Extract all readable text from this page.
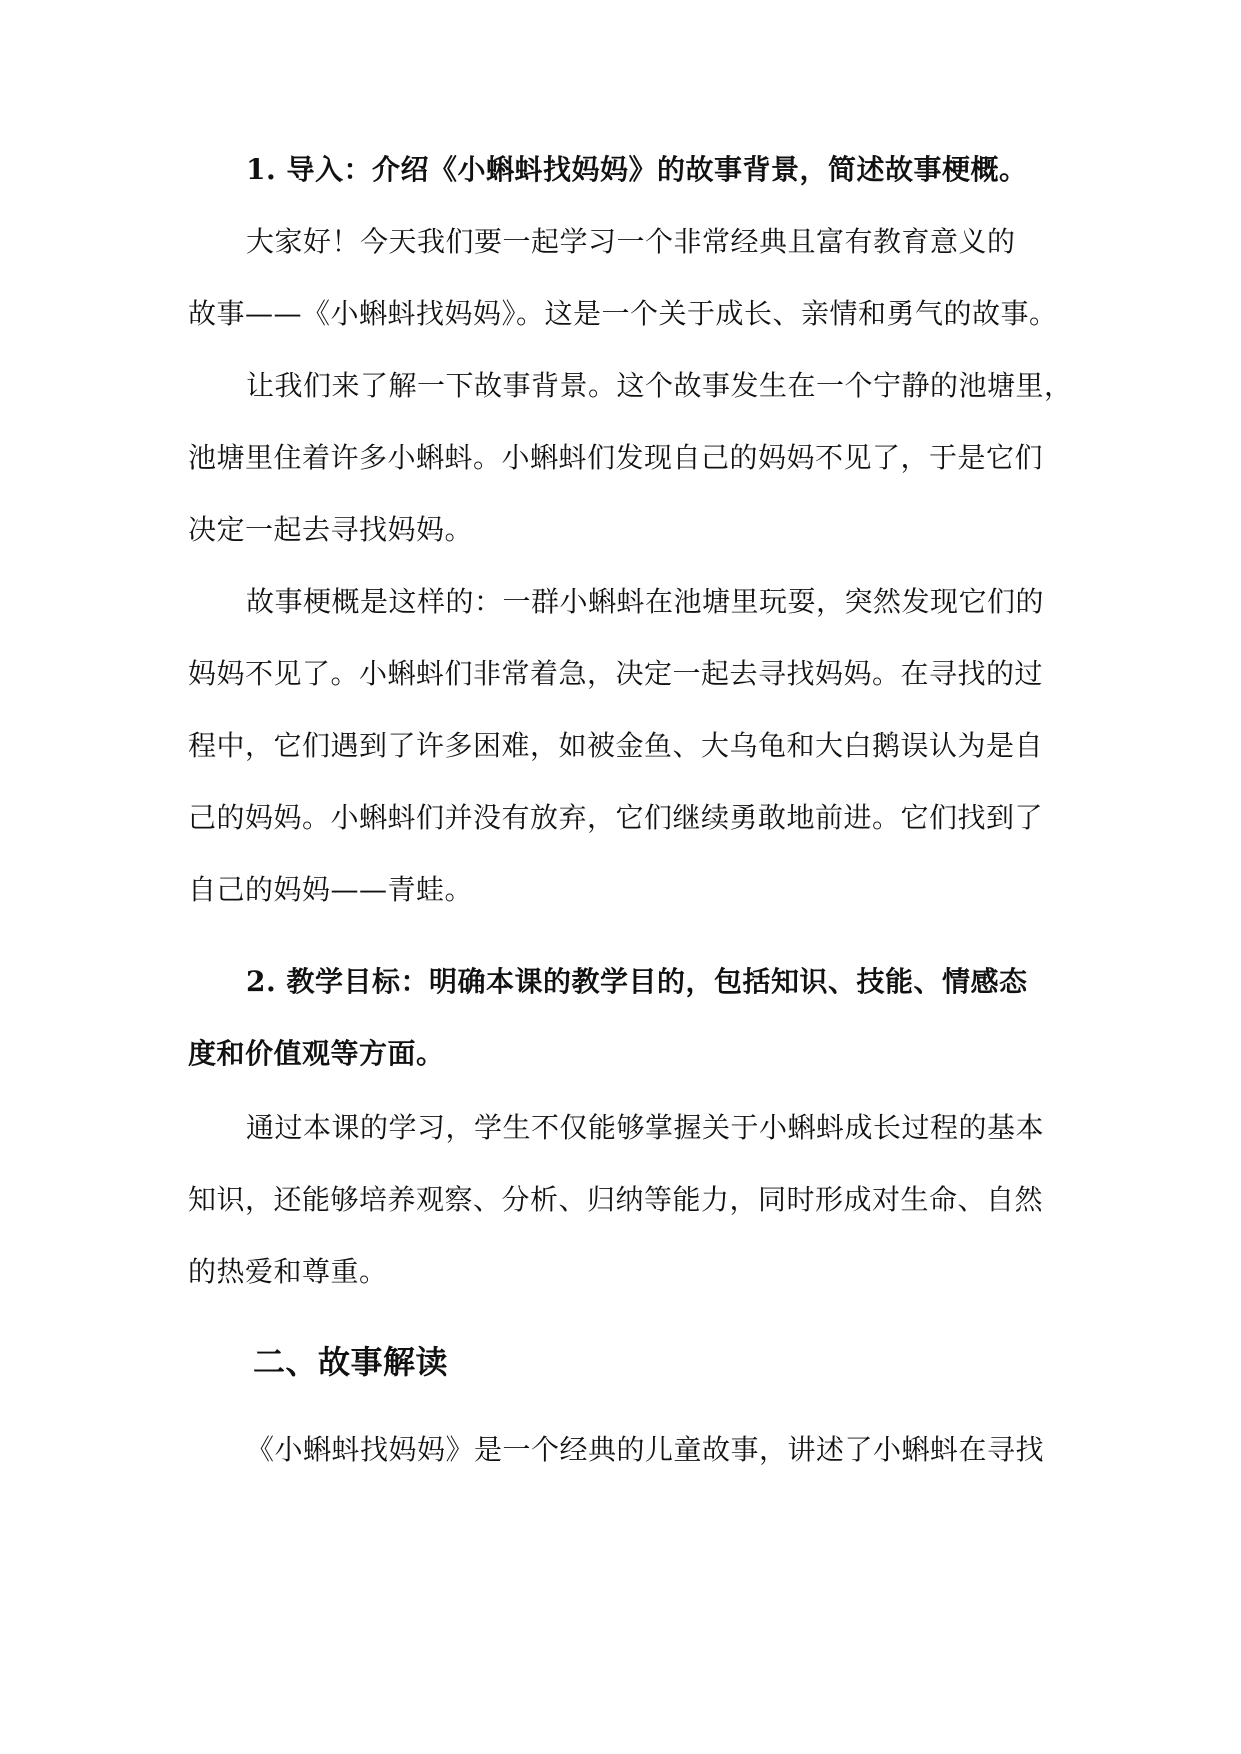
1. 导入：介绍《小蝌蚪找妈妈》的故事背景，简述故事梗概。
大家好！今天我们要一起学习一个非常经典且富有教育意义的
故事——《小蝌蚪找妈妈》。这是一个关于成长、亲情和勇气的故事。
让我们来了解一下故事背景。这个故事发生在一个宁静的池塘里，
池塘里住着许多小蝌蚪。小蝌蚪们发现自己的妈妈不见了，于是它们
决定一起去寻找妈妈。
故事梗概是这样的：一群小蝌蚪在池塘里玩耍，突然发现它们的
妈妈不见了。小蝌蚪们非常着急，决定一起去寻找妈妈。在寻找的过
程中，它们遇到了许多困难，如被金鱼、大乌龟和大白鹅误认为是自
己的妈妈。小蝌蚪们并没有放弃，它们继续勇敢地前进。它们找到了
自己的妈妈——青蛙。
2. 教学目标：明确本课的教学目的，包括知识、技能、情感态
度和价值观等方面。
通过本课的学习，学生不仅能够掌握关于小蝌蚪成长过程的基本
知识，还能够培养观察、分析、归纳等能力，同时形成对生命、自然
的热爱和尊重。
二、故事解读
《小蝌蚪找妈妈》是一个经典的儿童故事，讲述了小蝌蚪在寻找
